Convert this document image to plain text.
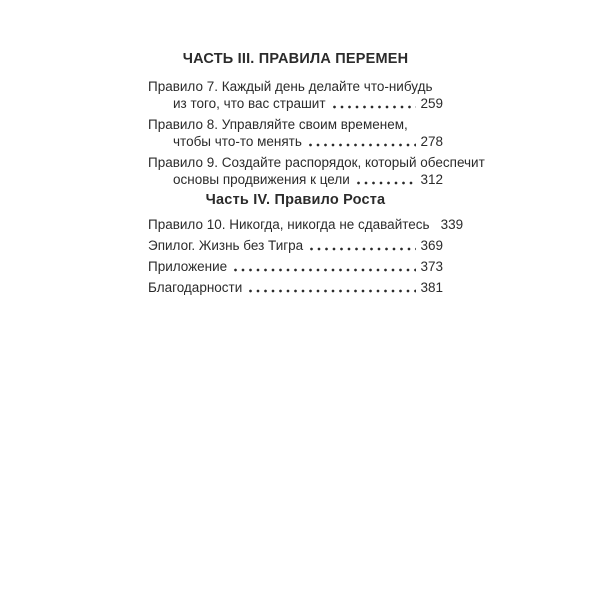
ЧАСТЬ III. ПРАВИЛА ПЕРЕМЕН
Правило 7. Каждый день делайте что-нибудь
из того, что вас страшит	259
Правило 8. Управляйте своим временем,
чтобы что-то менять	278
Правило 9. Создайте распорядок, который обеспечит
основы продвижения к цели	312
Часть IV. Правило Роста
Правило 10. Никогда, никогда не сдавайтесь 339
Эпилог. Жизнь без Тигра	369
Приложение	373
Благодарности	381
